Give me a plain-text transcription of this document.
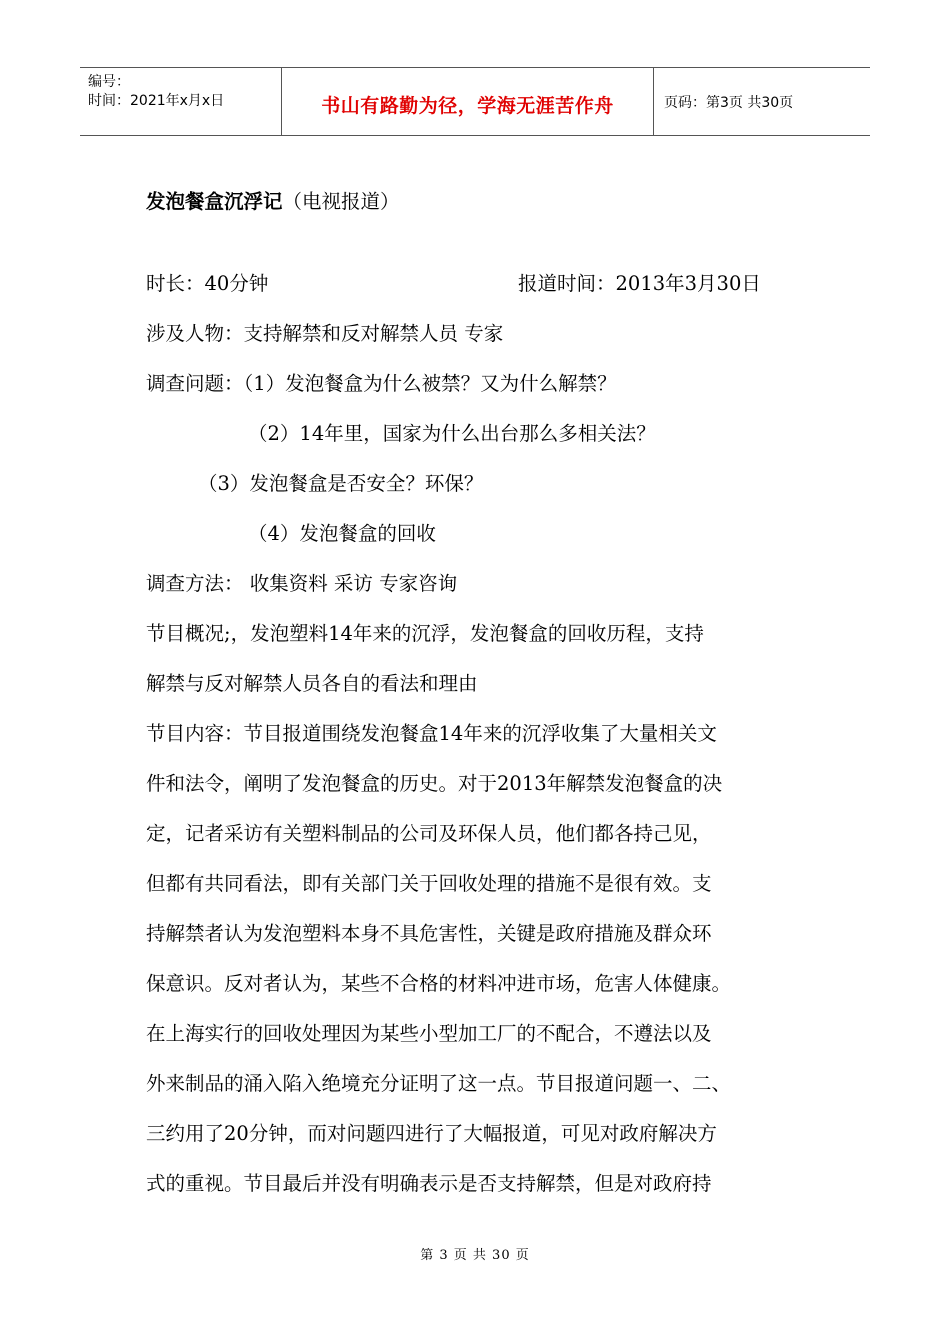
编号：
时间：2021年x月x日	书山有路勤为径，学海无涯苦作舟	页码：第3页 共30页
发泡餐盒沉浮记（电视报道）
时长：40分钟	报道时间：2013年3月30日
涉及人物：支持解禁和反对解禁人员 专家
调查问题：（1）发泡餐盒为什么被禁？又为什么解禁？
（2）14年里，国家为什么出台那么多相关法？
（3）发泡餐盒是否安全？环保？
（4）发泡餐盒的回收
调查方法： 收集资料 采访 专家咨询
节目概况;，发泡塑料14年来的沉浮，发泡餐盒的回收历程，支持
解禁与反对解禁人员各自的看法和理由
节目内容：节目报道围绕发泡餐盒14年来的沉浮收集了大量相关文
件和法令，阐明了发泡餐盒的历史。对于2013年解禁发泡餐盒的决
定，记者采访有关塑料制品的公司及环保人员，他们都各持己见，
但都有共同看法，即有关部门关于回收处理的措施不是很有效。支
持解禁者认为发泡塑料本身不具危害性，关键是政府措施及群众环
保意识。反对者认为，某些不合格的材料冲进市场，危害人体健康。
在上海实行的回收处理因为某些小型加工厂的不配合，不遵法以及
外来制品的涌入陷入绝境充分证明了这一点。节目报道问题一、二、
三约用了20分钟，而对问题四进行了大幅报道，可见对政府解决方
式的重视。节目最后并没有明确表示是否支持解禁，但是对政府持
第 3 页 共 30 页
